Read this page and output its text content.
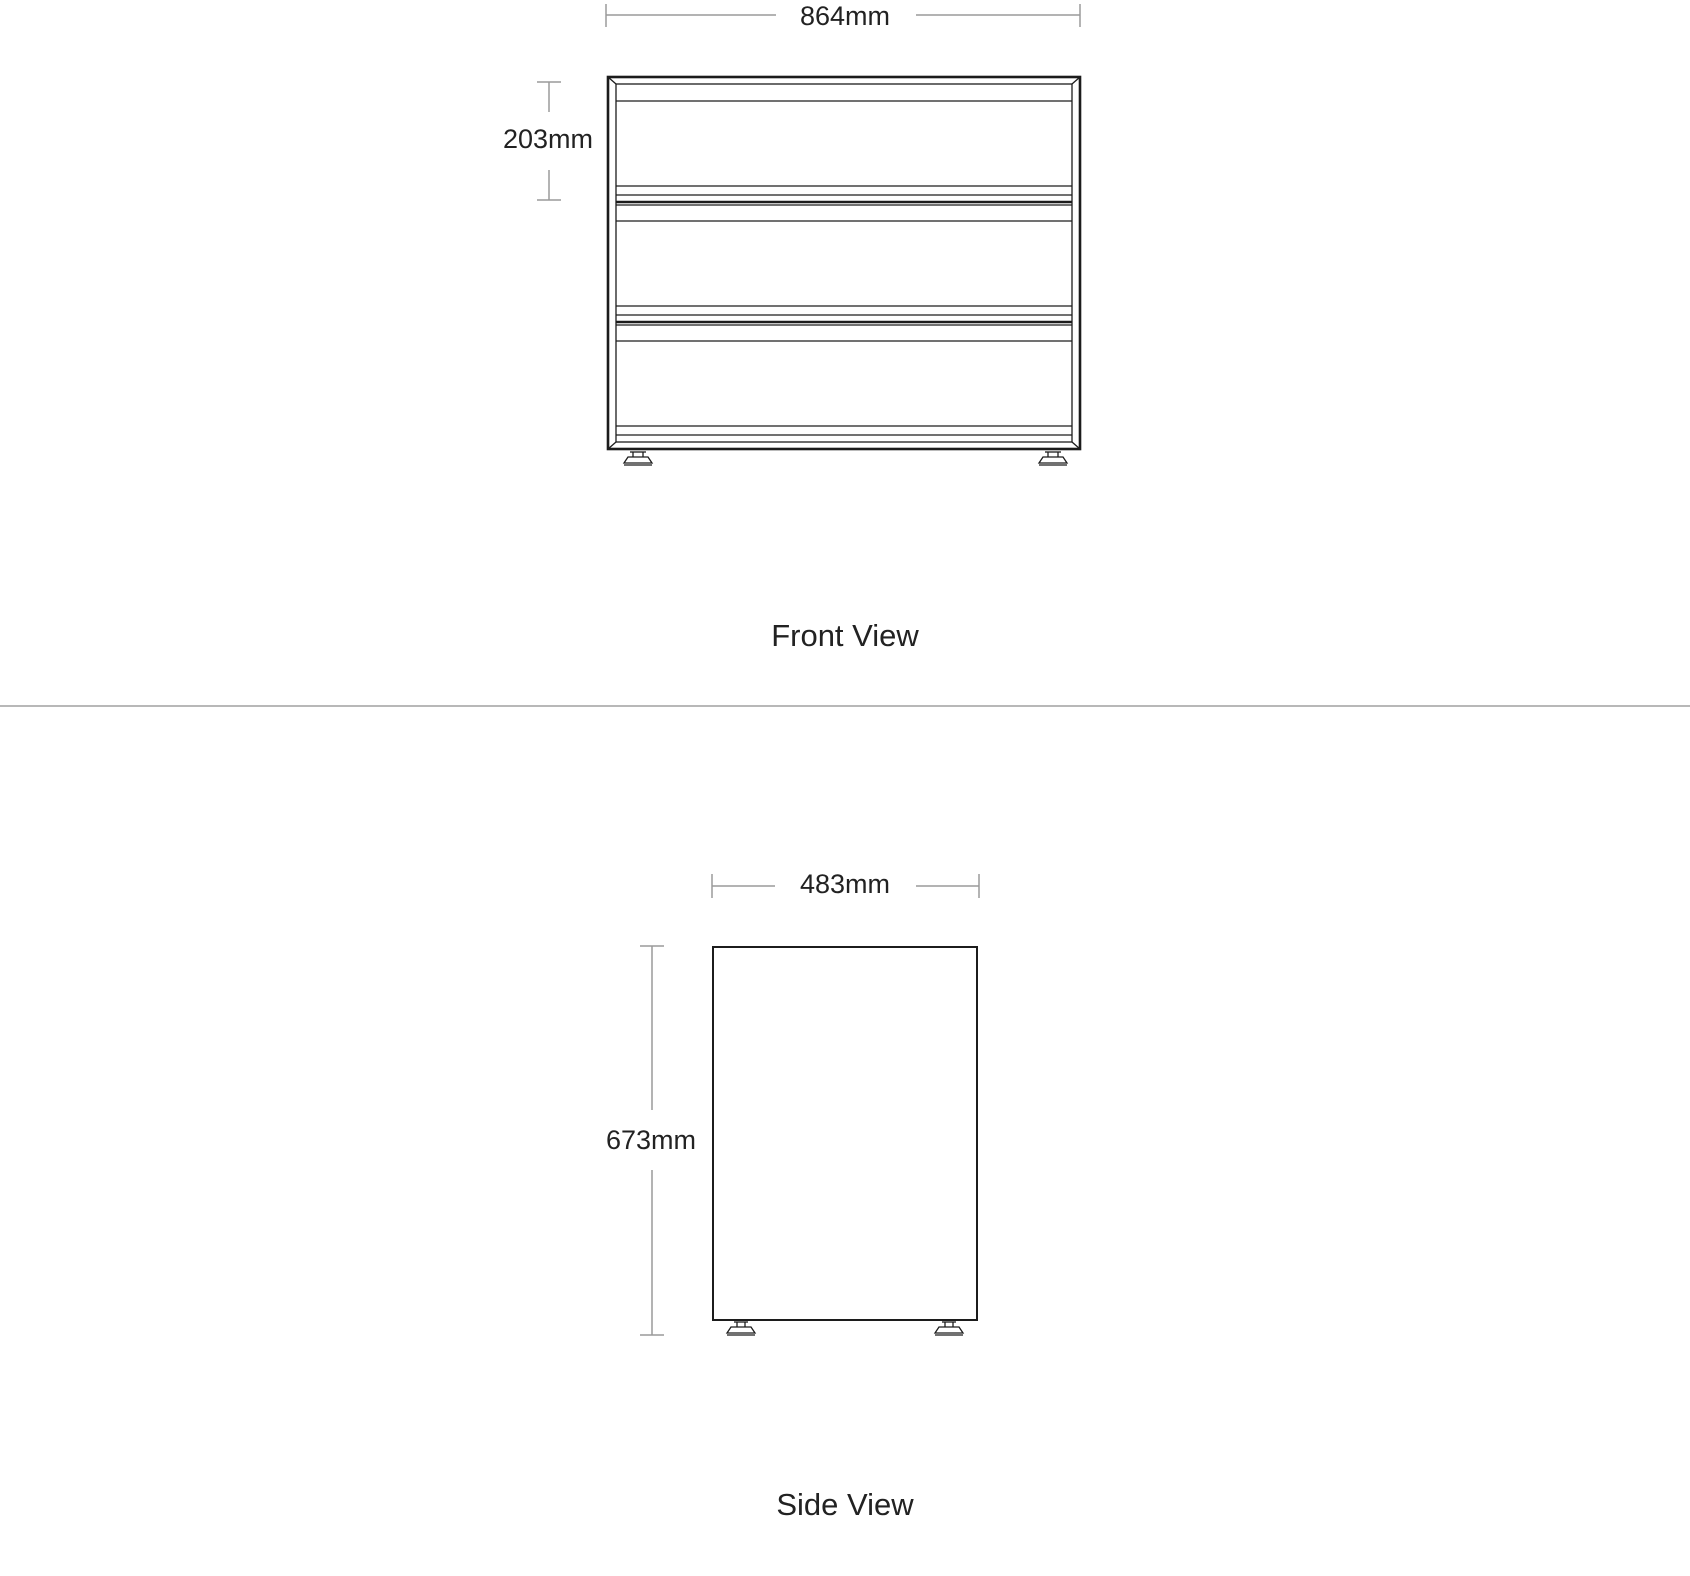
864mm
203mm
Front View
483mm
673mm
Side View
